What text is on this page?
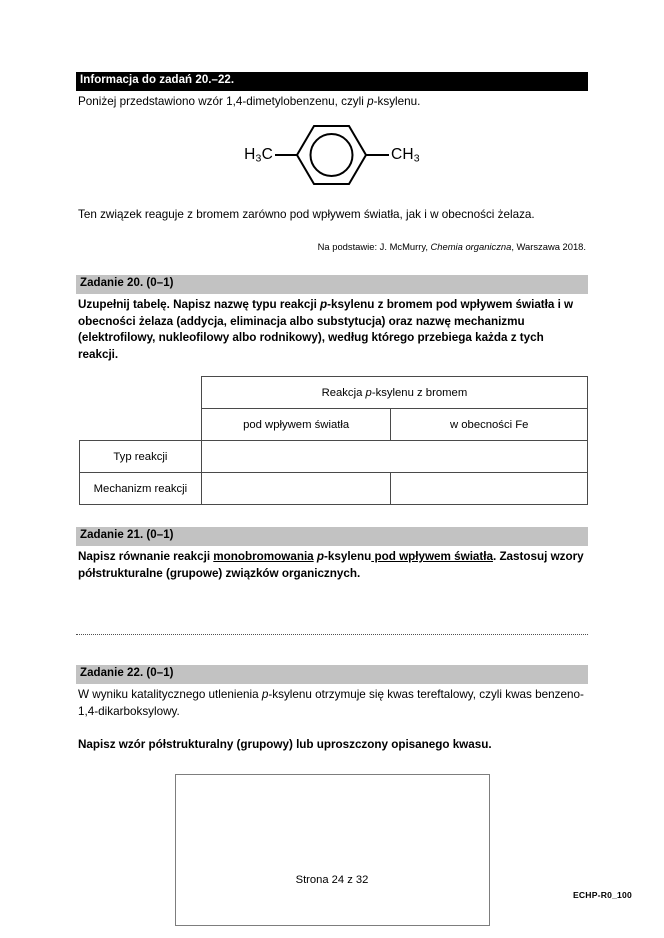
Informacja do zadań 20.–22.

Poniżej przedstawiono wzór 1,4-dimetylobenzenu, czyli p-ksylenu.

$H_3C$	$CH_3$

Ten związek reaguje z bromem zarówno pod wpływem światła, jak i w obecności żelaza.

Na podstawie: J. McMurry, Chemia organiczna, Warszawa 2018.

Zadanie 20. (0–1)

Uzupełnij tabelę. Napisz nazwę typu reakcji p-ksylenu z bromem pod wpływem światła i w obecności żelaza (addycja, eliminacja albo substytucja) oraz nazwę mechanizmu (elektrofilowy, nukleofilowy albo rodnikowy), według którego przebiega każda z tych reakcji.

	Reakcja p-ksylenu z bromem	
	pod wpływem światła	w obecności Fe
Typ reakcji		
Mechanizm reakcji		
Zadanie 21. (0–1)

Napisz równanie reakcji monobromowania p-ksylenu pod wpływem światła. Zastosuj wzory półstrukturalne (grupowe) związków organicznych.

Zadanie 22. (0–1)

W wyniku katalitycznego utlenienia p-ksylenu otrzymuje się kwas tereftalowy, czyli kwas benzeno-1,4-dikarboksylowy.

Napisz wzór półstrukturalny (grupowy) lub uproszczony opisanego kwasu.

Strona 24 z 32
ECHP-R0_100
